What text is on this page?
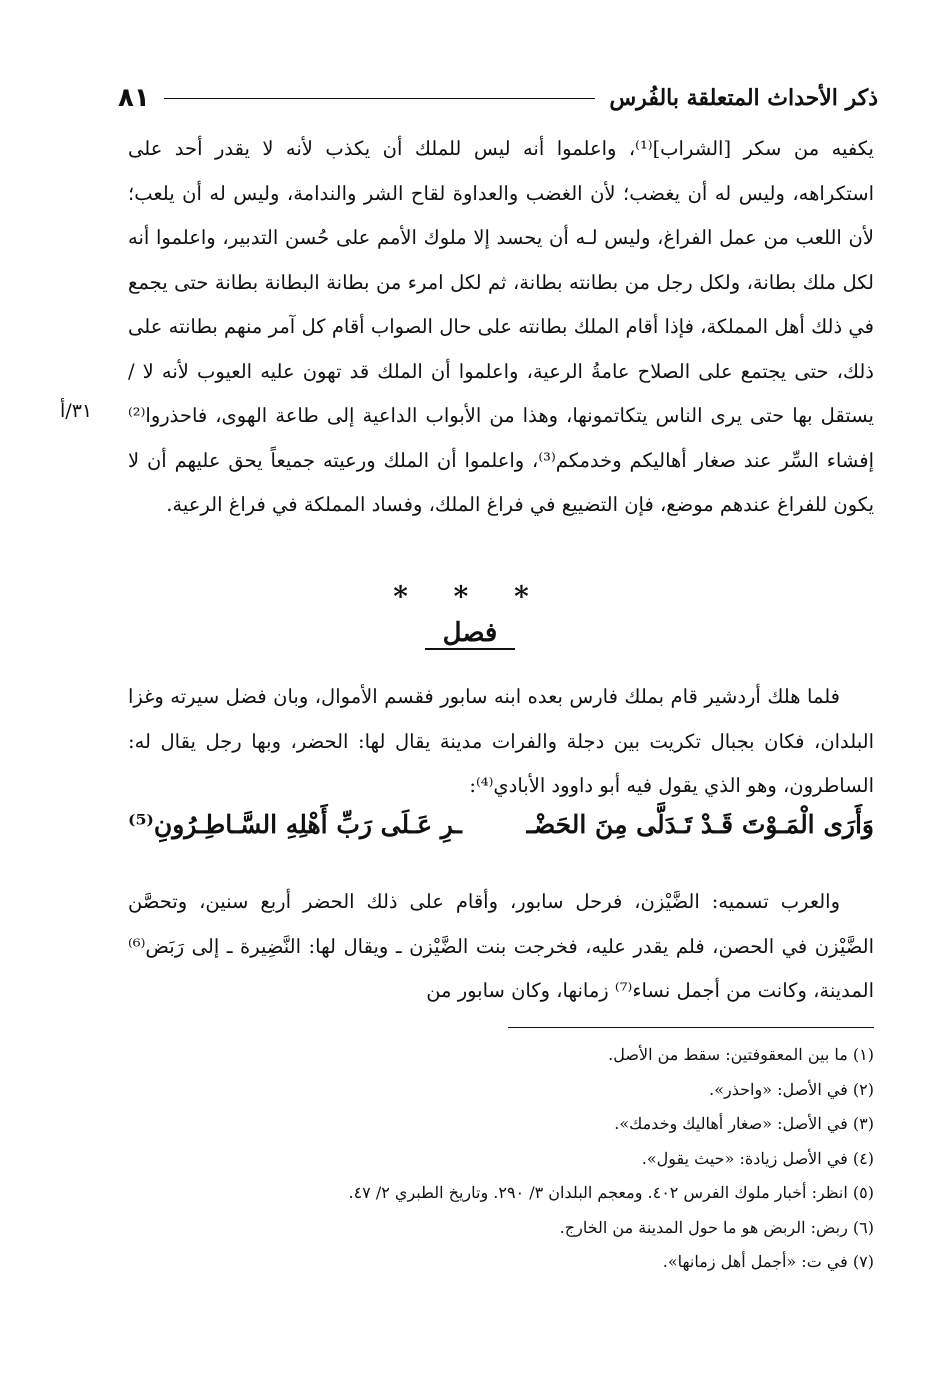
٨١	ذكر الأحداث المتعلقة بالفُرس

يكفيه من سكر [الشراب]⁽¹⁾، واعلموا أنه ليس للملك أن يكذب لأنه لا يقدر أحد على استكراهه، وليس له أن يغضب؛ لأن الغضب والعداوة لقاح الشر والندامة، وليس له أن يلعب؛ لأن اللعب من عمل الفراغ، وليس لـه أن يحسد إلا ملوك الأمم على حُسن التدبير، واعلموا أنه لكل ملك بطانة، ولكل رجل من بطانته بطانة، ثم لكل امرء من بطانة البطانة بطانة حتى يجمع في ذلك أهل المملكة، فإذا أقام الملك بطانته على حال الصواب أقام كل آمر منهم بطانته على ذلك، حتى يجتمع على الصلاح عامةُ الرعية، واعلموا أن الملك قد تهون عليه العيوب لأنه لا / يستقل بها حتى يرى الناس يتكاتمونها، وهذا من الأبواب الداعية إلى طاعة الهوى، فاحذروا⁽²⁾ إفشاء السِّر عند صغار أهاليكم وخدمكم⁽³⁾، واعلموا أن الملك ورعيته جميعاً يحق عليهم أن لا يكون للفراغ عندهم موضع، فإن التضييع في فراغ الملك، وفساد المملكة في فراغ الرعية.

٣١/أ
* * *
فصل

فلما هلك أردشير قام بملك فارس بعده ابنه سابور فقسم الأموال، وبان فضل سيرته وغزا البلدان، فكان بجبال تكريت بين دجلة والفرات مدينة يقال لها: الحضر، وبها رجل يقال له: الساطرون، وهو الذي يقول فيه أبو داوود الأبادي⁽⁴⁾:

وَأَرَى الْمَـوْتَ قَـدْ تَـدَلَّى مِنَ الحَضْـ
ـرِ عَـلَى رَبِّ أَهْلِهِ السَّـاطِـرُونِ⁽⁵⁾

والعرب تسميه: الضَّيْزن، فرحل سابور، وأقام على ذلك الحضر أربع سنين، وتحصَّن الضَّيْزن في الحصن، فلم يقدر عليه، فخرجت بنت الضَّيْزن ـ ويقال لها: النَّضِيرة ـ إلى رَبَض⁽⁶⁾ المدينة، وكانت من أجمل نساء⁽⁷⁾ زمانها، وكان سابور من

(١) ما بين المعقوفتين: سقط من الأصل.
(٢) في الأصل: «واحذر».
(٣) في الأصل: «صغار أهاليك وخدمك».
(٤) في الأصل زيادة: «حيث يقول».
(٥) انظر: أخبار ملوك الفرس ٤٠٢. ومعجم البلدان ٣/ ٢٩٠. وتاريخ الطبري ٢/ ٤٧.
(٦) ربض: الربض هو ما حول المدينة من الخارج.
(٧) في ت: «أجمل أهل زمانها».
